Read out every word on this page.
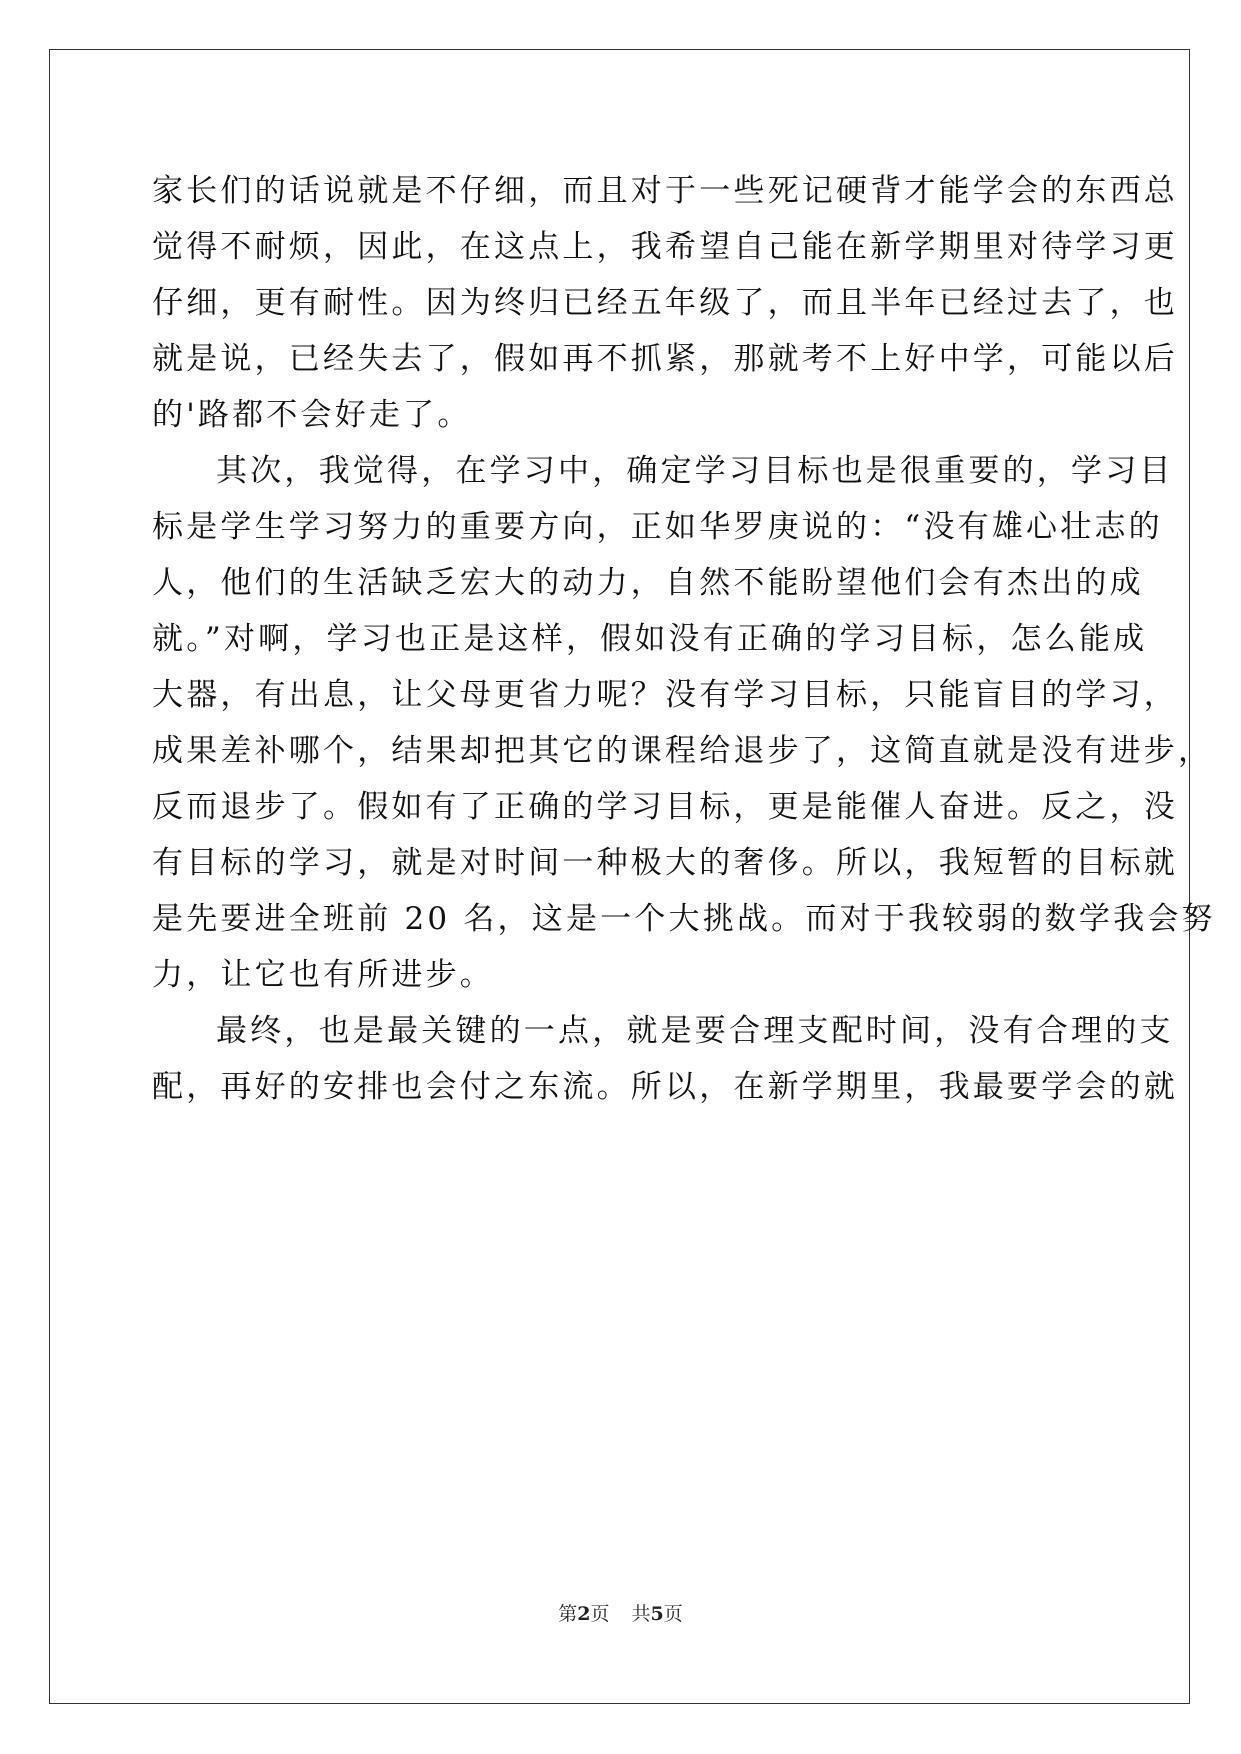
家长们的话说就是不仔细，而且对于一些死记硬背才能学会的东西总
觉得不耐烦，因此，在这点上，我希望自己能在新学期里对待学习更
仔细，更有耐性。因为终归已经五年级了，而且半年已经过去了，也
就是说，已经失去了，假如再不抓紧，那就考不上好中学，可能以后
的'路都不会好走了。
其次，我觉得，在学习中，确定学习目标也是很重要的，学习目
标是学生学习努力的重要方向，正如华罗庚说的：“没有雄心壮志的
人，他们的生活缺乏宏大的动力，自然不能盼望他们会有杰出的成
就。”对啊，学习也正是这样，假如没有正确的学习目标，怎么能成
大器，有出息，让父母更省力呢？没有学习目标，只能盲目的学习，
成果差补哪个，结果却把其它的课程给退步了，这简直就是没有进步，
反而退步了。假如有了正确的学习目标，更是能催人奋进。反之，没
有目标的学习，就是对时间一种极大的奢侈。所以，我短暂的目标就
是先要进全班前 20 名，这是一个大挑战。而对于我较弱的数学我会努
力，让它也有所进步。
最终，也是最关键的一点，就是要合理支配时间，没有合理的支
配，再好的安排也会付之东流。所以，在新学期里，我最要学会的就
第2页 共5页
